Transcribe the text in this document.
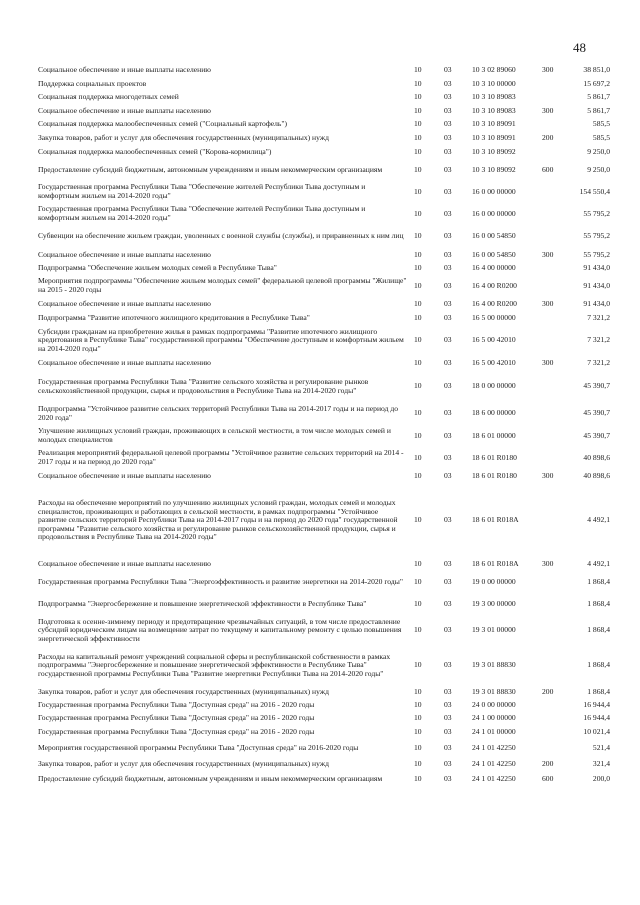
48
Социальное обеспечение и иные выплаты населению	10	03	10 3 02 89060	300	38 851,0
Поддержка социальных проектов	10	03	10 3 10 00000		15 697,2
Социальная поддержка многодетных семей	10	03	10 3 10 89083		5 861,7
Социальное обеспечение и иные выплаты населению	10	03	10 3 10 89083	300	5 861,7
Социальная поддержка малообеспеченных семей ("Социальный картофель")	10	03	10 3 10 89091		585,5
Закупка товаров, работ и услуг для обеспечения государственных (муниципальных) нужд	10	03	10 3 10 89091	200	585,5
Социальная поддержка малообеспеченных семей ("Корова-кормилица")	10	03	10 3 10 89092		9 250,0
Предоставление субсидий бюджетным, автономным учреждениям и иным некоммерческим организациям	10	03	10 3 10 89092	600	9 250,0
Государственная программа Республики Тыва "Обеспечение жителей Республики Тыва доступным и комфортным жильем на 2014-2020 годы"	10	03	16 0 00 00000		154 550,4
Государственная программа Республики Тыва "Обеспечение жителей Республики Тыва доступным и комфортным жильем на 2014-2020 годы"	10	03	16 0 00 00000		55 795,2
Субвенции на обеспечение жильем граждан, уволенных с военной службы (службы), и приравненных к ним лиц	10	03	16 0 00 54850		55 795,2
Социальное обеспечение и иные выплаты населению	10	03	16 0 00 54850	300	55 795,2
Подпрограмма "Обеспечение жильем молодых семей в Республике Тыва"	10	03	16 4 00 00000		91 434,0
Мероприятия подпрограммы "Обеспечение жильем молодых семей" федеральной целевой программы "Жилище" на 2015 - 2020 годы	10	03	16 4 00 R0200		91 434,0
Социальное обеспечение и иные выплаты населению	10	03	16 4 00 R0200	300	91 434,0
Подпрограмма "Развитие ипотечного жилищного кредитования в Республике Тыва"	10	03	16 5 00 00000		7 321,2
Субсидии гражданам на приобретение жилья в рамках подпрограммы "Развитие ипотечного жилищного кредитования в Республике Тыва" государственной программы "Обеспечение доступным и комфортным жильем на 2014-2020 годы"	10	03	16 5 00 42010		7 321,2
Социальное обеспечение и иные выплаты населению	10	03	16 5 00 42010	300	7 321,2
Государственная программа Республики Тыва "Развитие сельского хозяйства и регулирование рынков сельскохозяйственной продукции, сырья и продовольствия в Республике Тыва на 2014-2020 годы"	10	03	18 0 00 00000		45 390,7
Подпрограмма "Устойчивое развитие сельских территорий Республики Тыва на 2014-2017 годы и на период до 2020 года"	10	03	18 6 00 00000		45 390,7
Улучшение жилищных условий граждан, проживающих в сельской местности, в том числе молодых семей и молодых специалистов	10	03	18 6 01 00000		45 390,7
Реализация мероприятий федеральной целевой программы "Устойчивое развитие сельских территорий на 2014 - 2017 годы и на период до 2020 года"	10	03	18 6 01 R0180		40 898,6
Социальное обеспечение и иные выплаты населению	10	03	18 6 01 R0180	300	40 898,6
Расходы на обеспечение мероприятий по улучшению жилищных условий граждан, молодых семей и молодых специалистов, проживающих и работающих в сельской местности, в рамках подпрограммы "Устойчивое развитие сельских территорий Республики Тыва на 2014-2017 годы и на период до 2020 года" государственной программы "Развитие сельского хозяйства и регулирование рынков сельскохозяйственной продукции, сырья и продовольствия в Республике Тыва на 2014-2020 годы"	10	03	18 6 01 R018A		4 492,1
Социальное обеспечение и иные выплаты населению	10	03	18 6 01 R018A	300	4 492,1
Государственная программа Республики Тыва "Энергоэффективность и развитие энергетики на 2014-2020 годы"	10	03	19 0 00 00000		1 868,4
Подпрограмма "Энергосбережение и повышение энергетической эффективности в Республике Тыва"	10	03	19 3 00 00000		1 868,4
Подготовка к осенне-зимнему периоду и предотвращение чрезвычайных ситуаций, в том числе предоставление субсидий юридическим лицам на возмещение затрат по текущему и капитальному ремонту с целью повышения энергетической эффективности	10	03	19 3 01 00000		1 868,4
Расходы на капитальный ремонт учреждений социальной сферы и республиканской собственности в рамках подпрограммы "Энергосбережение и повышение энергетической эффективности в Республике Тыва" государственной программы Республики Тыва "Развитие энергетики Республики Тыва на 2014-2020 годы"	10	03	19 3 01 88830		1 868,4
Закупка товаров, работ и услуг для обеспечения государственных (муниципальных) нужд	10	03	19 3 01 88830	200	1 868,4
Государственная программа Республики Тыва "Доступная среда" на 2016 - 2020 годы	10	03	24 0 00 00000		16 944,4
Государственная программа Республики Тыва "Доступная среда" на 2016 - 2020 годы	10	03	24 1 00 00000		16 944,4
Государственная программа Республики Тыва "Доступная среда" на 2016 - 2020 годы	10	03	24 1 01 00000		10 021,4
Мероприятия государственной программы Республики Тыва "Доступная среда" на 2016-2020 годы	10	03	24 1 01 42250		521,4
Закупка товаров, работ и услуг для обеспечения государственных (муниципальных) нужд	10	03	24 1 01 42250	200	321,4
Предоставление субсидий бюджетным, автономным учреждениям и иным некоммерческим организациям	10	03	24 1 01 42250	600	200,0
